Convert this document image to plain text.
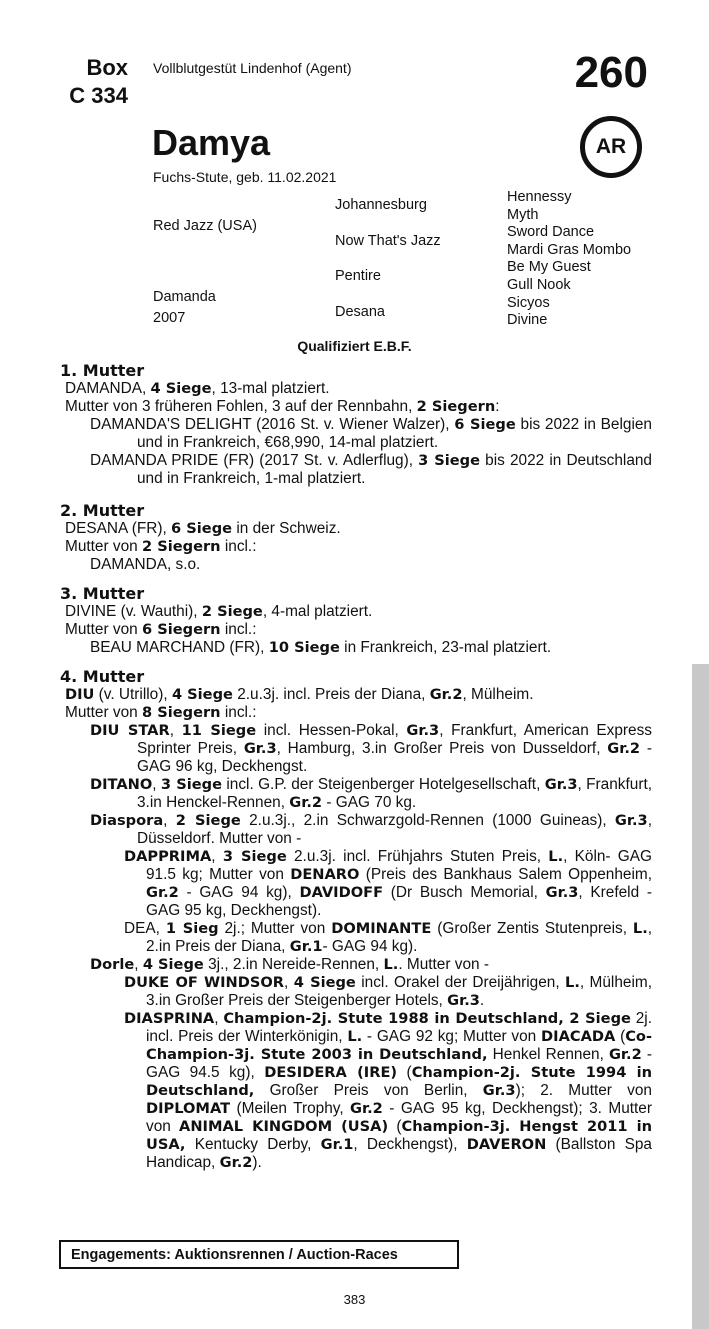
Box
C 334
Vollblutgestüt Lindenhof (Agent)	260
Damya	AR
Fuchs-Stute, geb. 11.02.2021
Red Jazz (USA)
Damanda
2007
Johannesburg
Now That's Jazz
Pentire
Desana
Hennessy
Myth
Sword Dance
Mardi Gras Mombo
Be My Guest
Gull Nook
Sicyos
Divine
Qualifiziert E.B.F.
1. Mutter
DAMANDA, 4 Siege, 13-mal platziert.
Mutter von 3 früheren Fohlen, 3 auf der Rennbahn, 2 Siegern:
DAMANDA'S DELIGHT (2016 St. v. Wiener Walzer), 6 Siege bis 2022 in Belgien und in Frankreich, €68,990, 14-mal platziert.
DAMANDA PRIDE (FR) (2017 St. v. Adlerflug), 3 Siege bis 2022 in Deutschland und in Frankreich, 1-mal platziert.
2. Mutter
DESANA (FR), 6 Siege in der Schweiz.
Mutter von 2 Siegern incl.:
DAMANDA, s.o.
3. Mutter
DIVINE (v. Wauthi), 2 Siege, 4-mal platziert.
Mutter von 6 Siegern incl.:
BEAU MARCHAND (FR), 10 Siege in Frankreich, 23-mal platziert.
4. Mutter
DIU (v. Utrillo), 4 Siege 2.u.3j. incl. Preis der Diana, Gr.2, Mülheim.
Mutter von 8 Siegern incl.:
DIU STAR, 11 Siege incl. Hessen-Pokal, Gr.3, Frankfurt, American Express Sprinter Preis, Gr.3, Hamburg, 3.in Großer Preis von Dusseldorf, Gr.2 - GAG 96 kg, Deckhengst.
DITANO, 3 Siege incl. G.P. der Steigenberger Hotelgesellschaft, Gr.3, Frankfurt, 3.in Henckel-Rennen, Gr.2 - GAG 70 kg.
Diaspora, 2 Siege 2.u.3j., 2.in Schwarzgold-Rennen (1000 Guineas), Gr.3, Düsseldorf. Mutter von -
DAPPRIMA, 3 Siege 2.u.3j. incl. Frühjahrs Stuten Preis, L., Köln- GAG 91.5 kg; Mutter von DENARO (Preis des Bankhaus Salem Oppenheim, Gr.2 - GAG 94 kg), DAVIDOFF (Dr Busch Memorial, Gr.3, Krefeld - GAG 95 kg, Deckhengst).
DEA, 1 Sieg 2j.; Mutter von DOMINANTE (Großer Zentis Stutenpreis, L., 2.in Preis der Diana, Gr.1- GAG 94 kg).
Dorle, 4 Siege 3j., 2.in Nereide-Rennen, L.. Mutter von -
DUKE OF WINDSOR, 4 Siege incl. Orakel der Dreijährigen, L., Mülheim, 3.in Großer Preis der Steigenberger Hotels, Gr.3.
DIASPRINA, Champion-2j. Stute 1988 in Deutschland, 2 Siege 2j. incl. Preis der Winterkönigin, L. - GAG 92 kg; Mutter von DIACADA (Co-Champion-3j. Stute 2003 in Deutschland, Henkel Rennen, Gr.2 - GAG 94.5 kg), DESIDERA (IRE) (Champion-2j. Stute 1994 in Deutschland, Großer Preis von Berlin, Gr.3); 2. Mutter von DIPLOMAT (Meilen Trophy, Gr.2 - GAG 95 kg, Deckhengst); 3. Mutter von ANIMAL KINGDOM (USA) (Champion-3j. Hengst 2011 in USA, Kentucky Derby, Gr.1, Deckhengst), DAVERON (Ballston Spa Handicap, Gr.2).
Engagements: Auktionsrennen / Auction-Races
383
